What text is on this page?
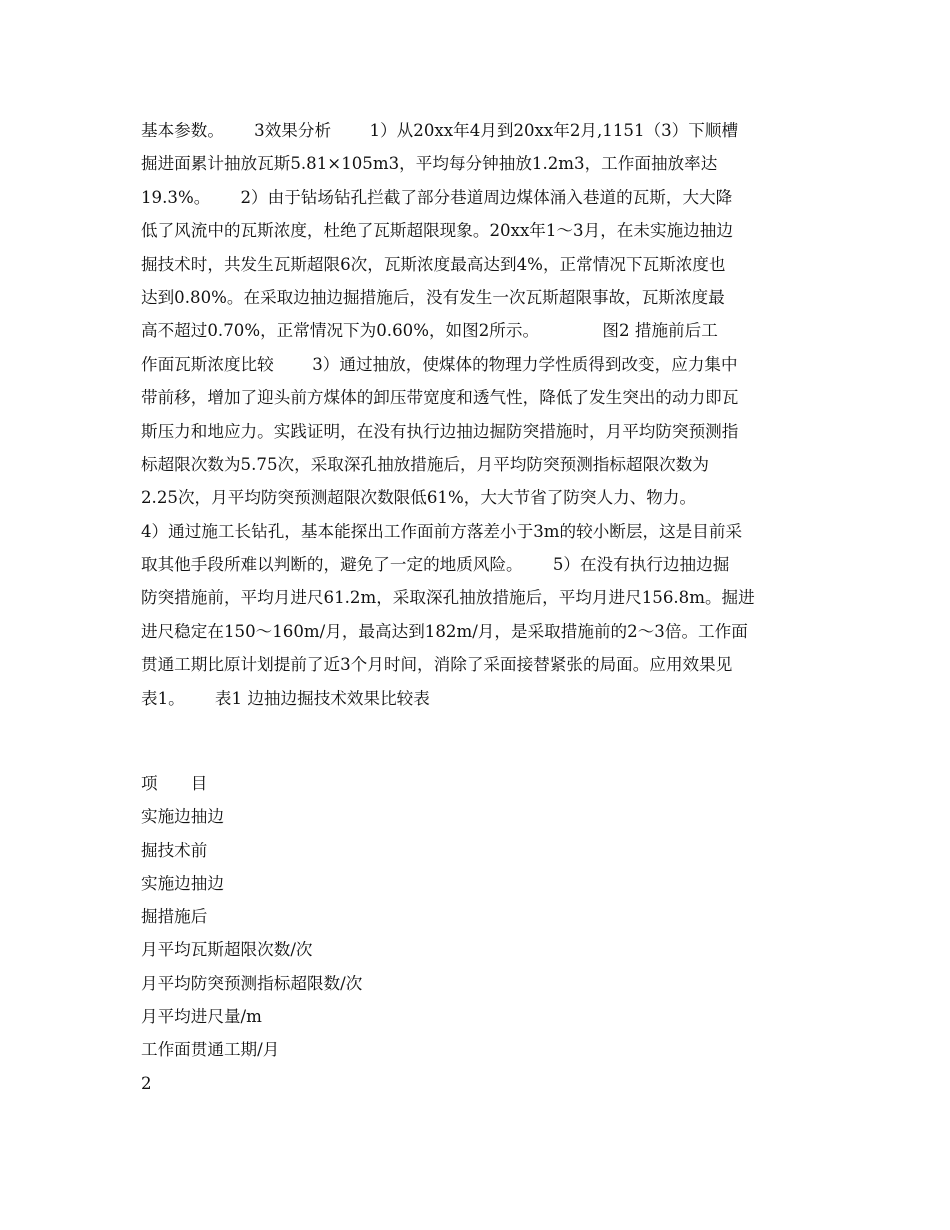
基本参数。　　 3效果分析　　 1）从20xx年4月到20xx年2月,1151（3）下顺槽
掘进面累计抽放瓦斯5.81×105m3，平均每分钟抽放1.2m3，工作面抽放率达
19.3%。　　 2）由于钻场钻孔拦截了部分巷道周边煤体涌入巷道的瓦斯，大大降
低了风流中的瓦斯浓度，杜绝了瓦斯超限现象。20xx年1～3月，在未实施边抽边
掘技术时，共发生瓦斯超限6次，瓦斯浓度最高达到4%，正常情况下瓦斯浓度也
达到0.80%。在采取边抽边掘措施后，没有发生一次瓦斯超限事故，瓦斯浓度最
高不超过0.70%，正常情况下为0.60%，如图2所示。　　　　 图2 措施前后工
作面瓦斯浓度比较　　 3）通过抽放，使煤体的物理力学性质得到改变，应力集中
带前移，增加了迎头前方煤体的卸压带宽度和透气性，降低了发生突出的动力即瓦
斯压力和地应力。实践证明，在没有执行边抽边掘防突措施时，月平均防突预测指
标超限次数为5.75次，采取深孔抽放措施后，月平均防突预测指标超限次数为
2.25次，月平均防突预测超限次数限低61%，大大节省了防突人力、物力。
4）通过施工长钻孔，基本能探出工作面前方落差小于3m的较小断层，这是目前采
取其他手段所难以判断的，避免了一定的地质风险。　　 5）在没有执行边抽边掘
防突措施前，平均月进尺61.2m，采取深孔抽放措施后，平均月进尺156.8m。掘进
进尺稳定在150～160m/月，最高达到182m/月，是采取措施前的2～3倍。工作面
贯通工期比原计划提前了近3个月时间，消除了采面接替紧张的局面。应用效果见
表1。　　 表1 边抽边掘技术效果比较表
项　　目
实施边抽边
掘技术前
实施边抽边
掘措施后
月平均瓦斯超限次数/次
月平均防突预测指标超限数/次
月平均进尺量/m
工作面贯通工期/月
2
